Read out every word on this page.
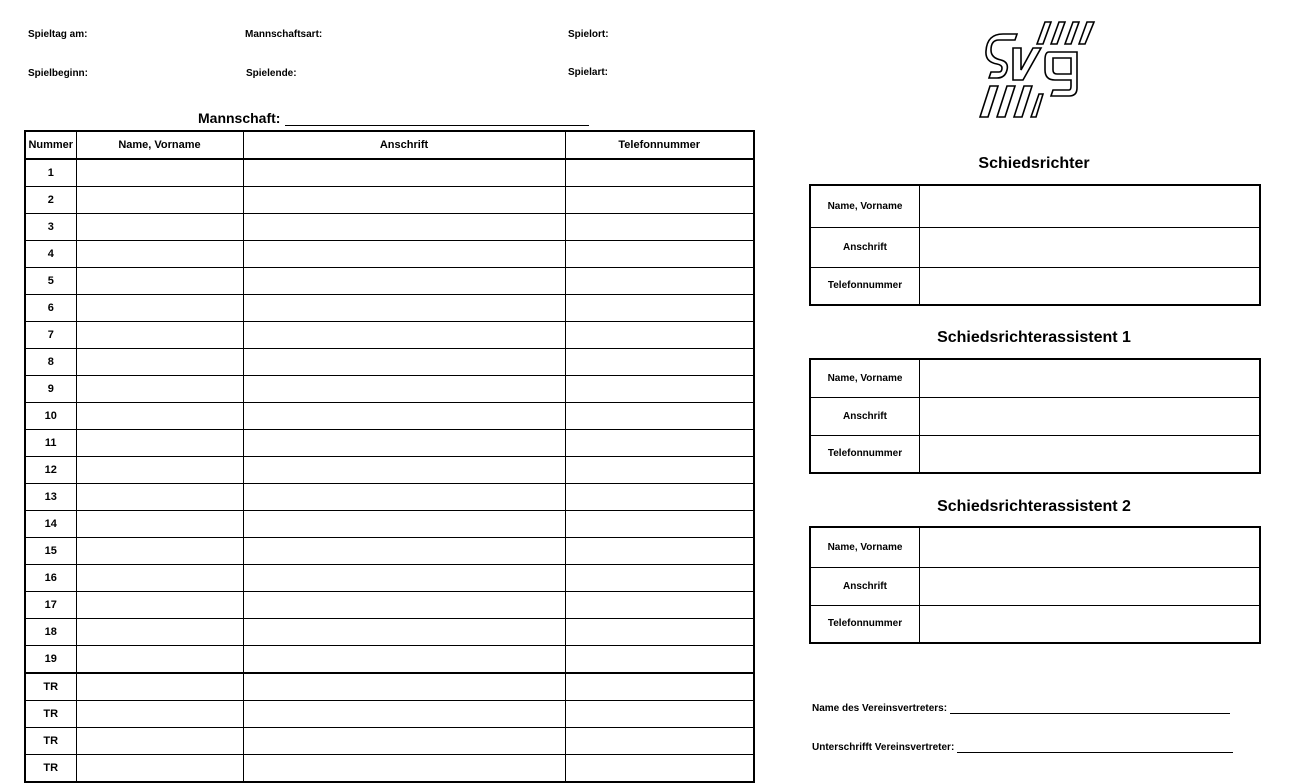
Spieltag am:	Mannschaftsart:	Spielort:
Spielbeginn:	Spielende:	Spielart:
Mannschaft:
Nummer	Name, Vorname	Anschrift	Telefonnummer
1			
2			
3			
4			
5			
6			
7			
8			
9			
10			
11			
12			
13			
14			
15			
16			
17			
18			
19			
TR			
TR			
TR			
TR			
Schiedsrichter
Name, Vorname	
Anschrift	
Telefonnummer	
Schiedsrichterassistent 1
Name, Vorname	
Anschrift	
Telefonnummer	
Schiedsrichterassistent 2
Name, Vorname	
Anschrift	
Telefonnummer	
Name des Vereinsvertreters:
Unterschrifft Vereinsvertreter:
